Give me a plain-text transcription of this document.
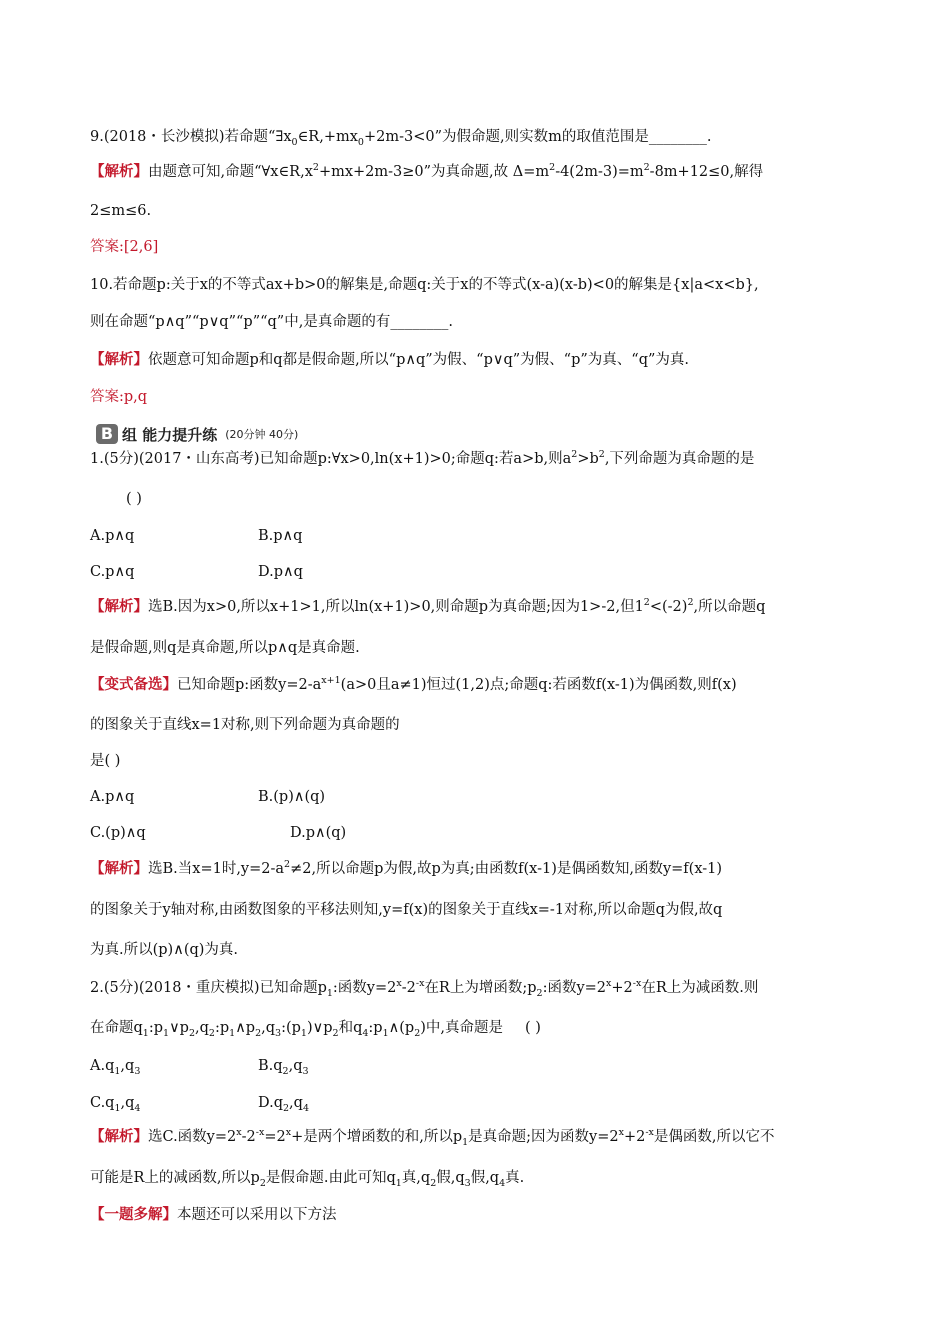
9.(2018・长沙模拟)若命题“$\exists x_0\in R,+mx_0+2m-3<0$”为假命题,则实数m的取值范围是________.
【解析】由题意可知,命题“$\forall x\in R,x^2+mx+2m-3\ge 0$”为真命题,故 $\Delta=m^2-4(2m-3)=m^2-8m+12\le 0$,解得
2≤m≤6.
答案:[2,6]
10.若命题p:关于x的不等式ax+b>0的解集是,命题q:关于x的不等式(x-a)(x-b)<0的解集是{x|a<x<b},
则在命题“p∧q”“p∨q”“p”“q”中,是真命题的有________.
【解析】依题意可知命题p和q都是假命题,所以“p∧q”为假、“p∨q”为假、“p”为真、“q”为真.
答案:p,q
B 组 能力提升练 (20分钟 40分)
1.(5分)(2017・山东高考)已知命题p:∀x>0,ln(x+1)>0;命题q:若a>b,则$a^2>b^2$,下列命题为真命题的是
( )
A.p∧q	B.p∧q
C.p∧q	D.p∧q
【解析】选B.因为x>0,所以x+1>1,所以ln(x+1)>0,则命题p为真命题;因为1>-2,但$1^2<(-2)^2$,所以命题q
是假命题,则q是真命题,所以p∧q是真命题.
【变式备选】已知命题p:函数$y=2-a^{x+1}(a>0$且a≠1)恒过(1,2)点;命题q:若函数f(x-1)为偶函数,则f(x)
的图象关于直线x=1对称,则下列命题为真命题的
是( )
A.p∧q	B.(p)∧(q)
C.(p)∧q	D.p∧(q)
【解析】选B.当x=1时$,y=2-a^2\ne 2$,所以命题p为假,故p为真;由函数f(x-1)是偶函数知,函数y=f(x-1)
的图象关于y轴对称,由函数图象的平移法则知,y=f(x)的图象关于直线x=-1对称,所以命题q为假,故q
为真.所以(p)∧(q)为真.
2.(5分)(2018・重庆模拟)已知命题$p_1$:函数$y=2^x-2^{-x}$在R上为增函数$;p_2$:函数$y=2^x+2^{-x}$在R上为减函数.则
在命题$q_1:p_1\vee p_2,q_2:p_1\wedge p_2,q_3:(p_1)\vee p_2$和$q_4:p_1\wedge(p_2)$中,真命题是 ( )
$A.q_1,q_3$	$B.q_2,q_3$
$C.q_1,q_4$	$D.q_2,q_4$
【解析】选C.函数$y=2^x-2^{-x}=2^x+$是两个增函数的和,所以$p_1$是真命题;因为函数$y=2^x+2^{-x}$是偶函数,所以它不
可能是R上的减函数,所以$p_2$是假命题.由此可知$q_1$真$,q_2$假$,q_3$假$,q_4$真.
【一题多解】本题还可以采用以下方法
